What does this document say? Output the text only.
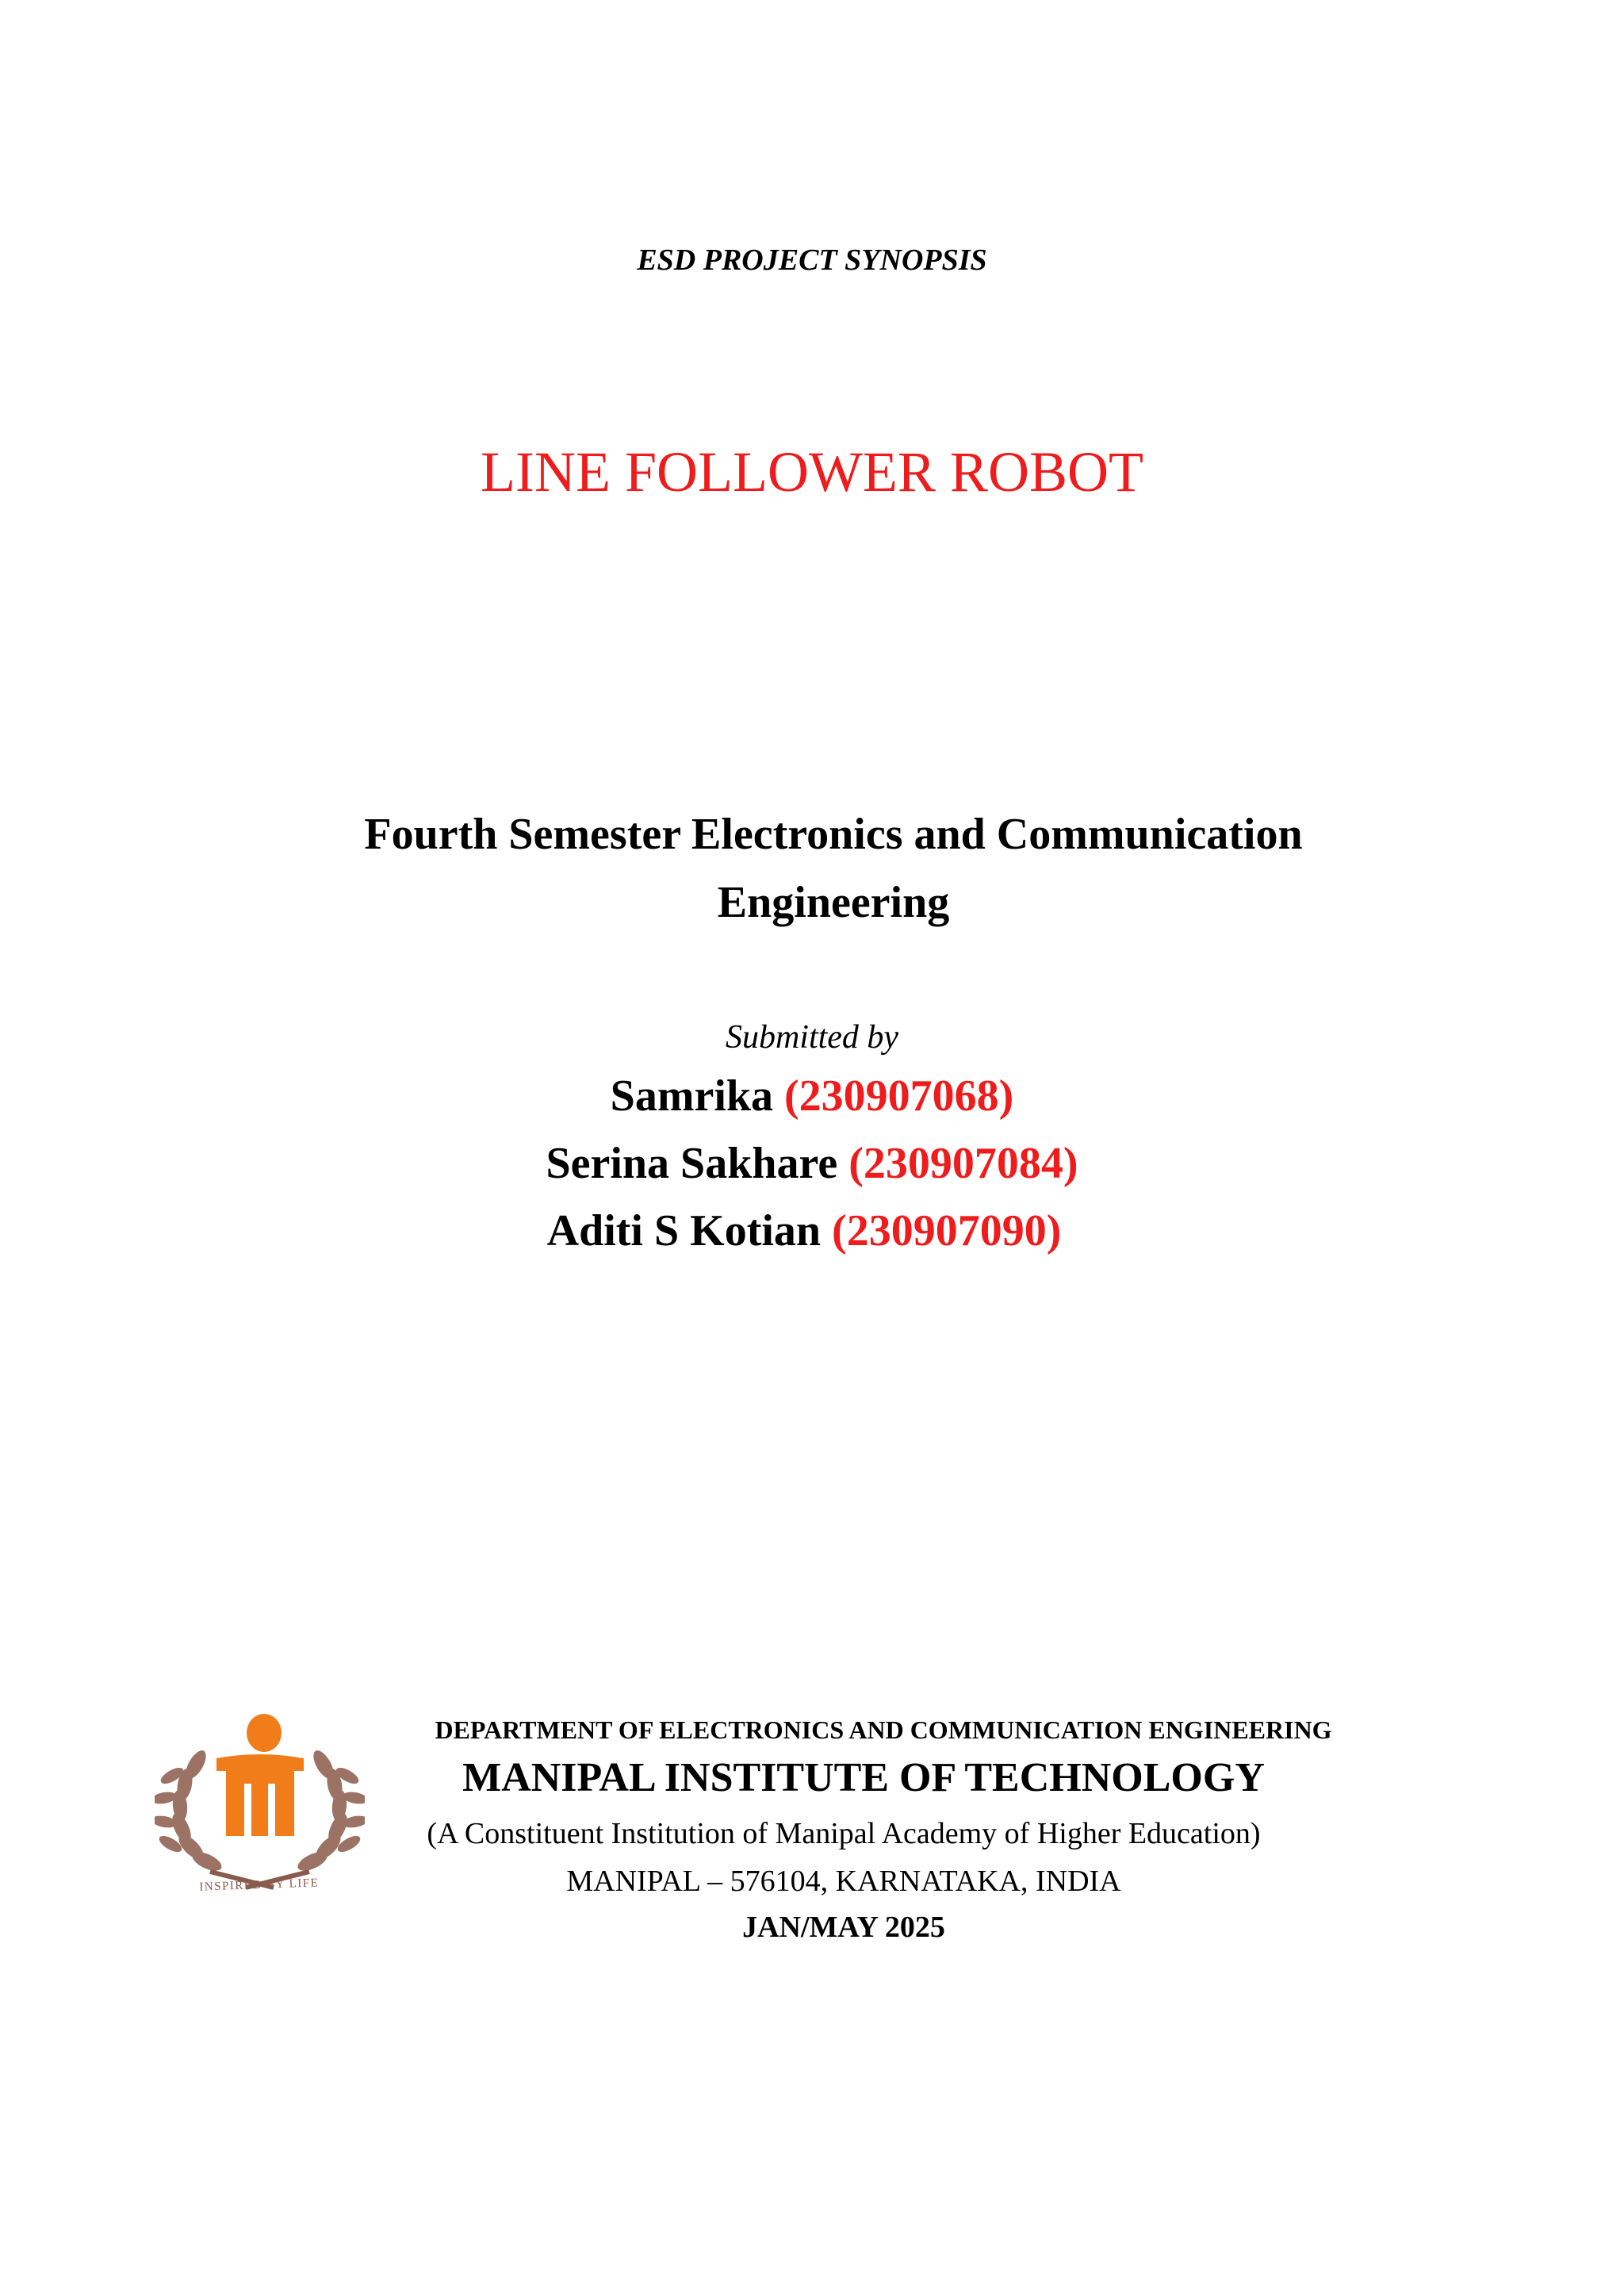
ESD PROJECT SYNOPSIS
LINE FOLLOWER ROBOT
Fourth Semester Electronics and Communication
Engineering
Submitted by
Samrika (230907068)
Serina Sakhare (230907084)
Aditi S Kotian (230907090)
INSPIRED BY LIFE
DEPARTMENT OF ELECTRONICS AND COMMUNICATION ENGINEERING
MANIPAL INSTITUTE OF TECHNOLOGY
(A Constituent Institution of Manipal Academy of Higher Education)
MANIPAL – 576104, KARNATAKA, INDIA
JAN/MAY 2025
